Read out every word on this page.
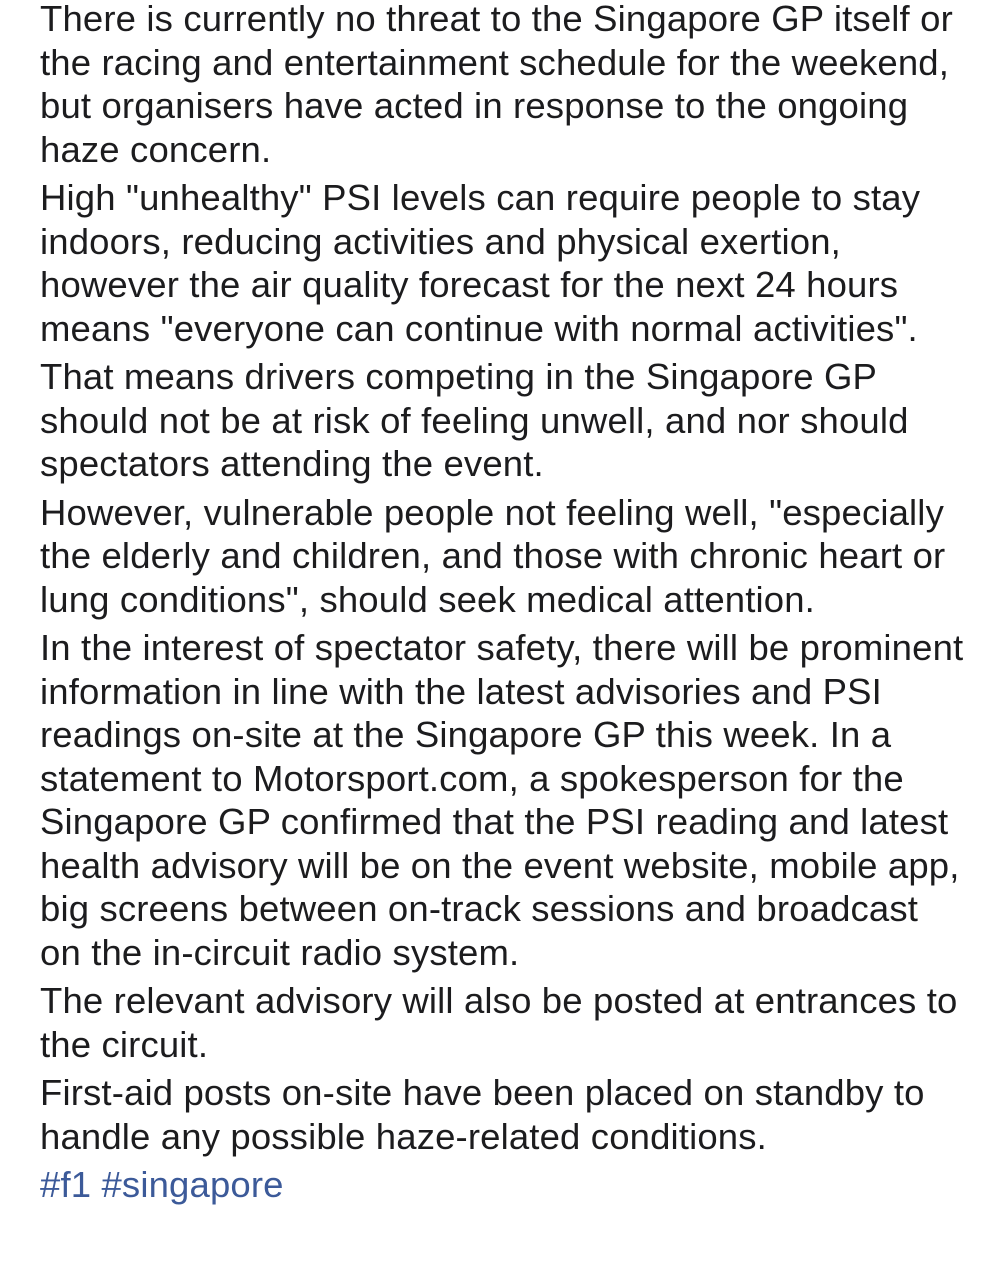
There is currently no threat to the Singapore GP itself or the racing and entertainment schedule for the weekend, but organisers have acted in response to the ongoing haze concern.

High "unhealthy" PSI levels can require people to stay indoors, reducing activities and physical exertion, however the air quality forecast for the next 24 hours means "everyone can continue with normal activities".

That means drivers competing in the Singapore GP should not be at risk of feeling unwell, and nor should spectators attending the event.

However, vulnerable people not feeling well, "especially the elderly and children, and those with chronic heart or lung conditions", should seek medical attention.

In the interest of spectator safety, there will be prominent information in line with the latest advisories and PSI readings on-site at the Singapore GP this week. In a statement to Motorsport.com, a spokesperson for the Singapore GP confirmed that the PSI reading and latest health advisory will be on the event website, mobile app, big screens between on-track sessions and broadcast on the in-circuit radio system.

The relevant advisory will also be posted at entrances to the circuit.

First-aid posts on-site have been placed on standby to handle any possible haze-related conditions.

#f1 #singapore
